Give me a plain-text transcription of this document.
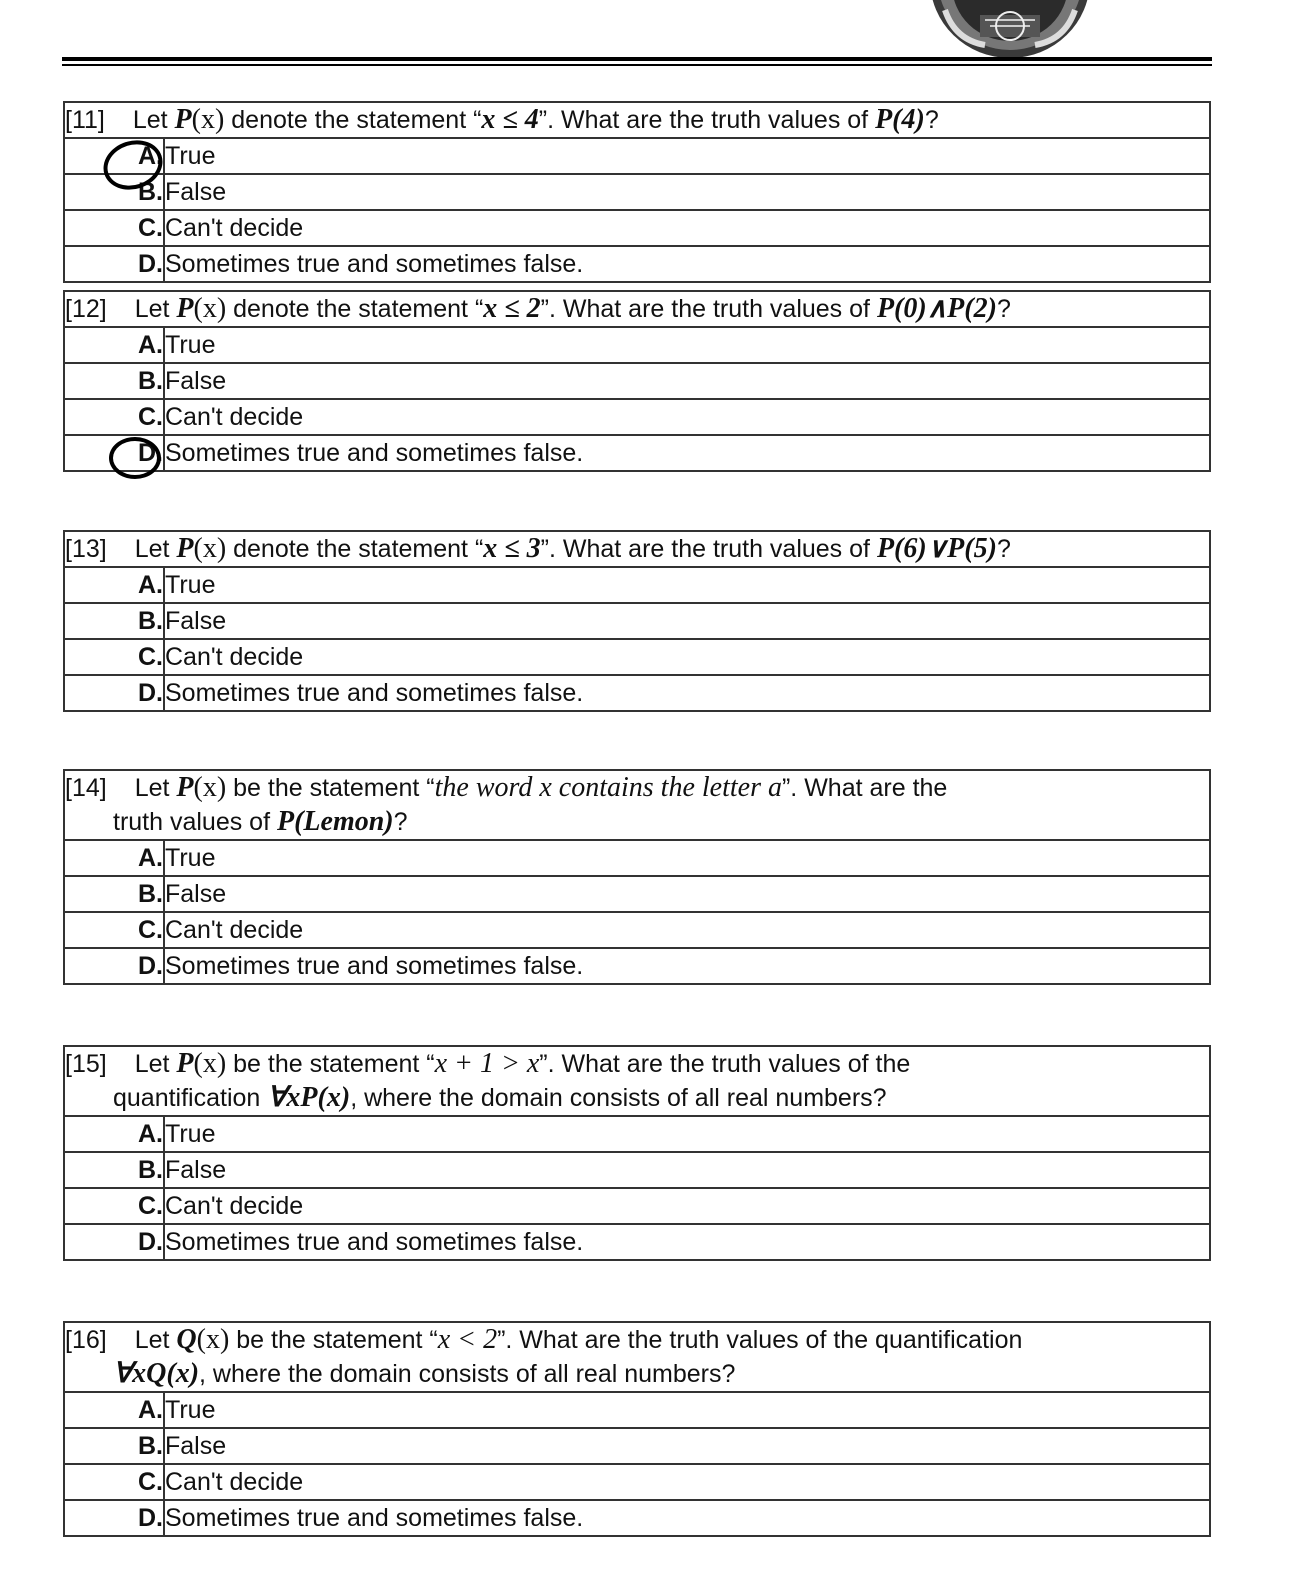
[11] Let P(x) denote the statement “x ≤ 4”. What are the truth values of P(4)?	

A.	True
B.	False
C.	Can't decide
D.	Sometimes true and sometimes false.
[12] Let P(x) denote the statement “x ≤ 2”. What are the truth values of P(0)∧P(2)?	
A.	True
B.	False
C.	Can't decide

D.	Sometimes true and sometimes false.
[13] Let P(x) denote the statement “x ≤ 3”. What are the truth values of P(6)∨P(5)?	
A.	True
B.	False
C.	Can't decide
D.	Sometimes true and sometimes false.
[14] Let P(x) be the statement “the word x contains the letter a”. What are the
truth values of P(Lemon)?	

A.	True
B.	False
C.	Can't decide
D.	Sometimes true and sometimes false.
[15] Let P(x) be the statement “x + 1 > x”. What are the truth values of the
quantification ∀xP(x), where the domain consists of all real numbers?	

A.	True
B.	False
C.	Can't decide
D.	Sometimes true and sometimes false.
[16] Let Q(x) be the statement “x < 2”. What are the truth values of the quantification
∀xQ(x), where the domain consists of all real numbers?	

A.	True
B.	False
C.	Can't decide
D.	Sometimes true and sometimes false.
